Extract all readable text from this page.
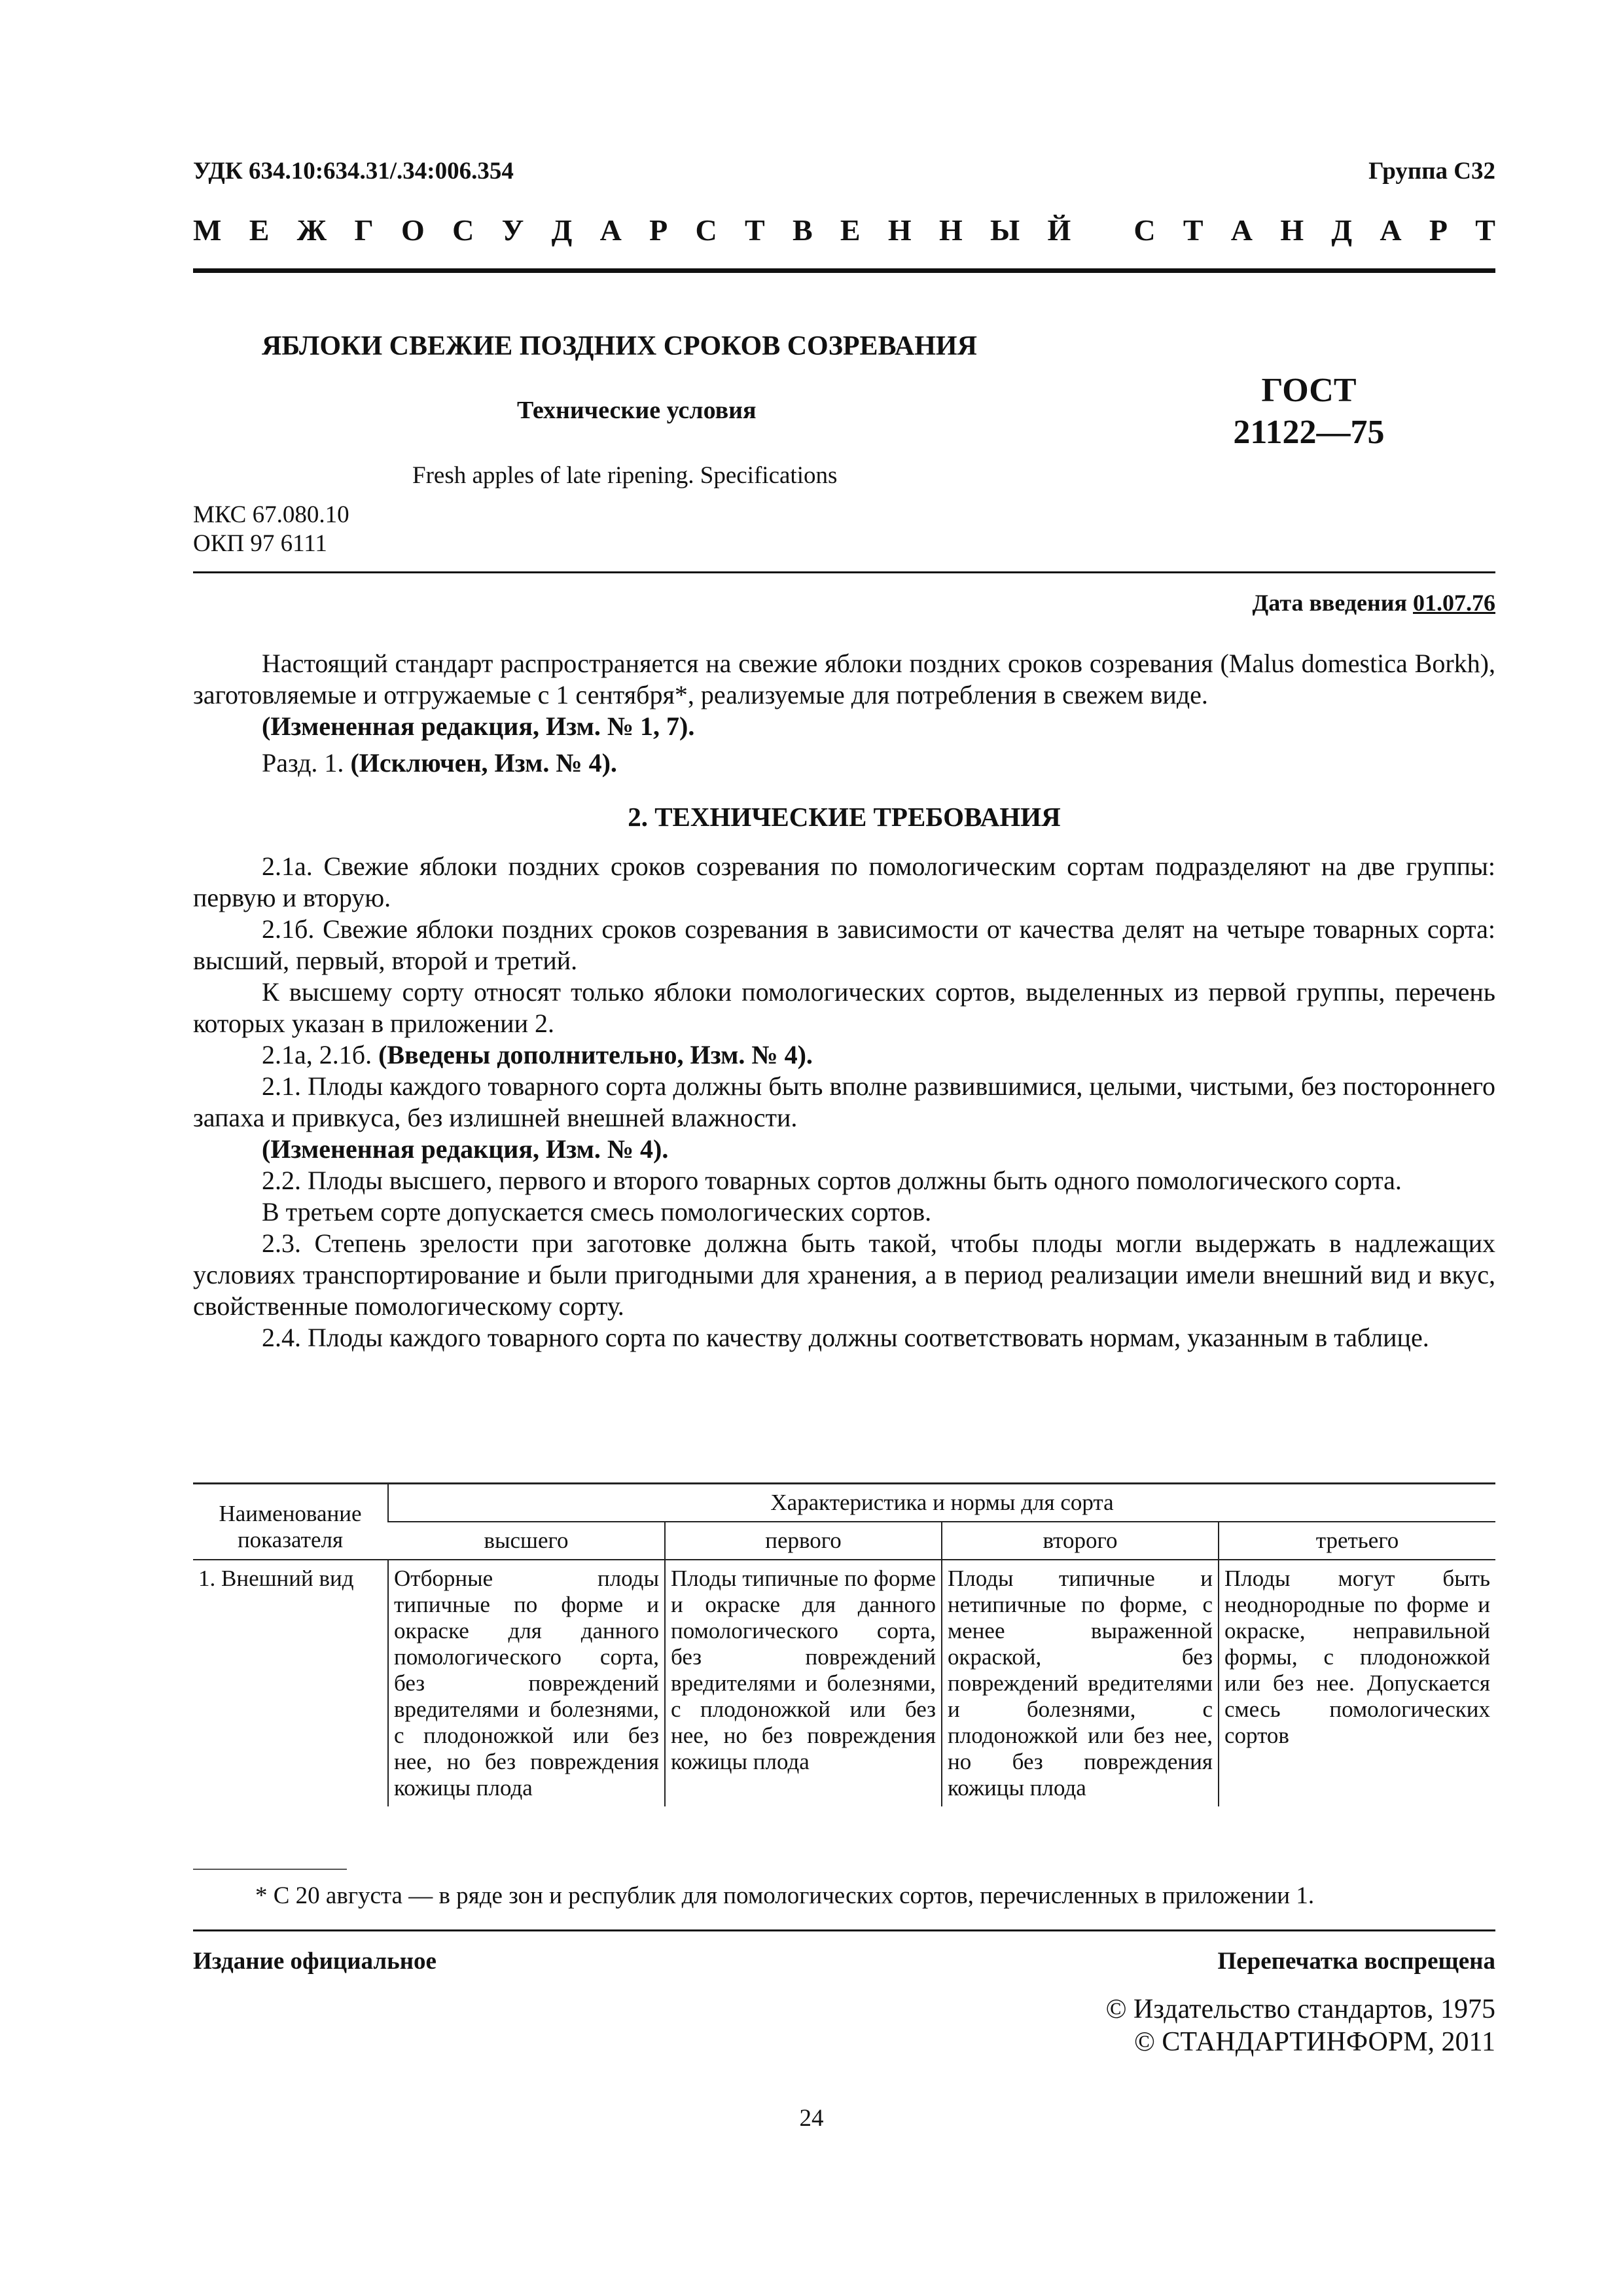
УДК 634.10:634.31/.34:006.354	Группа С32
М Е Ж Г О С У Д А Р С Т В Е Н Н Ы Й
С Т А Н Д А Р Т
ЯБЛОКИ СВЕЖИЕ ПОЗДНИХ СРОКОВ СОЗРЕВАНИЯ
Технические условия
ГОСТ
21122—75
Fresh apples of late ripening. Specifications
МКС 67.080.10
ОКП 97 6111
Дата введения 01.07.76

Настоящий стандарт распространяется на свежие яблоки поздних сроков созревания (Malus domestica Borkh), заготовляемые и отгружаемые с 1 сентября*, реализуемые для потребления в свежем виде.

(Измененная редакция, Изм. № 1, 7).

Разд. 1. (Исключен, Изм. № 4).

2. ТЕХНИЧЕСКИЕ ТРЕБОВАНИЯ

2.1а. Свежие яблоки поздних сроков созревания по помологическим сортам подразделяют на две группы: первую и вторую.

2.1б. Свежие яблоки поздних сроков созревания в зависимости от качества делят на четыре товарных сорта: высший, первый, второй и третий.

К высшему сорту относят только яблоки помологических сортов, выделенных из первой группы, перечень которых указан в приложении 2.

2.1а, 2.1б. (Введены дополнительно, Изм. № 4).

2.1. Плоды каждого товарного сорта должны быть вполне развившимися, целыми, чистыми, без постороннего запаха и привкуса, без излишней внешней влажности.

(Измененная редакция, Изм. № 4).

2.2. Плоды высшего, первого и второго товарных сортов должны быть одного помологического сорта.

В третьем сорте допускается смесь помологических сортов.

2.3. Степень зрелости при заготовке должна быть такой, чтобы плоды могли выдержать в надлежащих условиях транспортирование и были пригодными для хранения, а в период реализации имели внешний вид и вкус, свойственные помологическому сорту.

2.4. Плоды каждого товарного сорта по качеству должны соответствовать нормам, указанным в таблице.

Наименование показателя	Характеристика и нормы для сорта			
	высшего	первого	второго	третьего
1. Внешний вид	Отборные плоды типичные по форме и окраске для данного помологического сорта, без повреждений вредителями и болезнями, с плодоножкой или без нее, но без повреждения кожицы плода	Плоды типичные по форме и окраске для данного помологического сорта, без повреждений вредителями и болезнями, с плодоножкой или без нее, но без повреждения кожицы плода	Плоды типичные и нетипичные по форме, с менее выраженной окраской, без повреждений вредителями и болезнями, с плодоножкой или без нее, но без повреждения кожицы плода	Плоды могут быть неоднородные по форме и окраске, неправильной формы, с плодоножкой или без нее. Допускается смесь помологических сортов
* С 20 августа — в ряде зон и республик для помологических сортов, перечисленных в приложении 1.
Издание официальное	Перепечатка воспрещена
© Издательство стандартов, 1975
© СТАНДАРТИНФОРМ, 2011
24
